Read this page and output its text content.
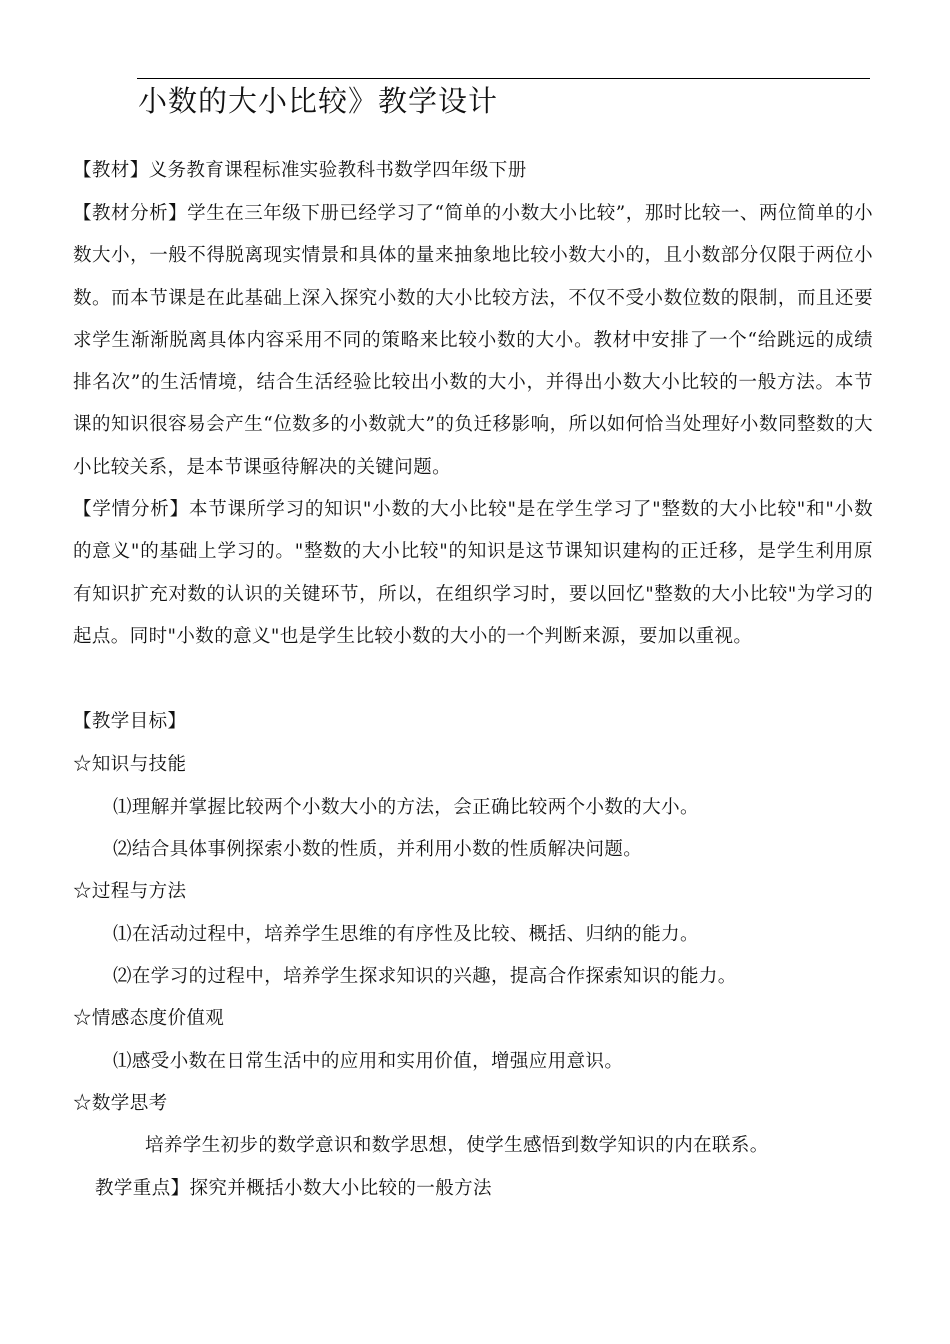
小数的大小比较》教学设计
【教材】义务教育课程标准实验教科书数学四年级下册
【教材分析】学生在三年级下册已经学习了“简单的小数大小比较”，那时比较一、两位简单的小数大小，一般不得脱离现实情景和具体的量来抽象地比较小数大小的，且小数部分仅限于两位小数。而本节课是在此基础上深入探究小数的大小比较方法，不仅不受小数位数的限制，而且还要求学生渐渐脱离具体内容采用不同的策略来比较小数的大小。教材中安排了一个“给跳远的成绩排名次”的生活情境，结合生活经验比较出小数的大小，并得出小数大小比较的一般方法。本节课的知识很容易会产生“位数多的小数就大”的负迁移影响，所以如何恰当处理好小数同整数的大小比较关系，是本节课亟待解决的关键问题。
【学情分析】本节课所学习的知识"小数的大小比较"是在学生学习了"整数的大小比较"和"小数的意义"的基础上学习的。"整数的大小比较"的知识是这节课知识建构的正迁移，是学生利用原有知识扩充对数的认识的关键环节，所以，在组织学习时，要以回忆"整数的大小比较"为学习的起点。同时"小数的意义"也是学生比较小数的大小的一个判断来源，要加以重视。
【教学目标】
☆知识与技能
⑴理解并掌握比较两个小数大小的方法，会正确比较两个小数的大小。
⑵结合具体事例探索小数的性质，并利用小数的性质解决问题。
☆过程与方法
⑴在活动过程中，培养学生思维的有序性及比较、概括、归纳的能力。
⑵在学习的过程中，培养学生探求知识的兴趣，提高合作探索知识的能力。
☆情感态度价值观
⑴感受小数在日常生活中的应用和实用价值，增强应用意识。
☆数学思考
培养学生初步的数学意识和数学思想，使学生感悟到数学知识的内在联系。
教学重点】探究并概括小数大小比较的一般方法
